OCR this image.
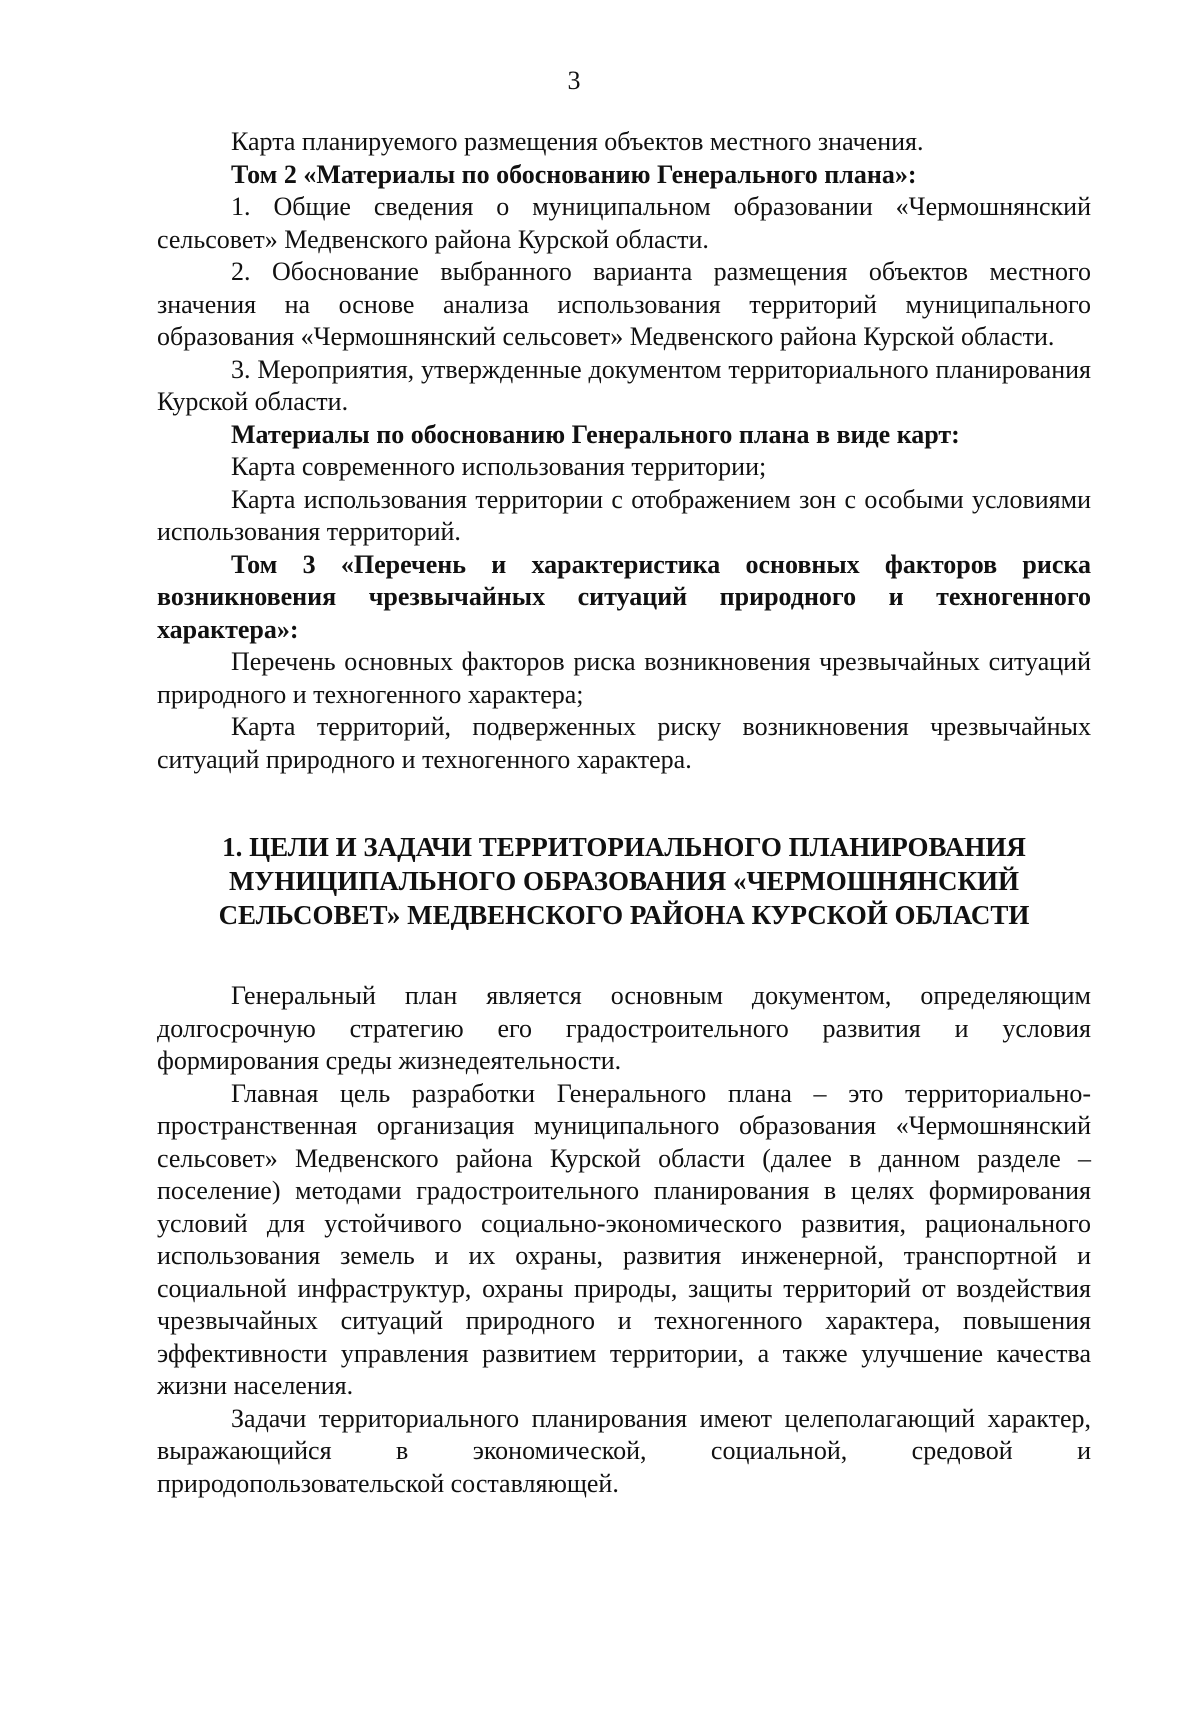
3

Карта планируемого размещения объектов местного значения.

Том 2 «Материалы по обоснованию Генерального плана»:

1. Общие сведения о муниципальном образовании «Чермошнянский сельсовет» Медвенского района Курской области.

2. Обоснование выбранного варианта размещения объектов местного значения на основе анализа использования территорий муниципального образования «Чермошнянский сельсовет» Медвенского района Курской области.

3. Мероприятия, утвержденные документом территориального планирования Курской области.

Материалы по обоснованию Генерального плана в виде карт:

Карта современного использования территории;

Карта использования территории с отображением зон с особыми условиями использования территорий.

Том 3 «Перечень и характеристика основных факторов риска возникновения чрезвычайных ситуаций природного и техногенного характера»:

Перечень основных факторов риска возникновения чрезвычайных ситуаций природного и техногенного характера;

Карта территорий, подверженных риску возникновения чрезвычайных ситуаций природного и техногенного характера.

1. ЦЕЛИ И ЗАДАЧИ ТЕРРИТОРИАЛЬНОГО ПЛАНИРОВАНИЯ
МУНИЦИПАЛЬНОГО ОБРАЗОВАНИЯ «ЧЕРМОШНЯНСКИЙ
СЕЛЬСОВЕТ» МЕДВЕНСКОГО РАЙОНА КУРСКОЙ ОБЛАСТИ

Генеральный план является основным документом, определяющим долгосрочную стратегию его градостроительного развития и условия формирования среды жизнедеятельности.

Главная цель разработки Генерального плана – это территориально-пространственная организация муниципального образования «Чермошнянский сельсовет» Медвенского района Курской области (далее в данном разделе – поселение) методами градостроительного планирования в целях формирования условий для устойчивого социально-экономического развития, рационального использования земель и их охраны, развития инженерной, транспортной и социальной инфраструктур, охраны природы, защиты территорий от воздействия чрезвычайных ситуаций природного и техногенного характера, повышения эффективности управления развитием территории, а также улучшение качества жизни населения.

Задачи территориального планирования имеют целеполагающий характер, выражающийся в экономической, социальной, средовой и природопользовательской составляющей.
